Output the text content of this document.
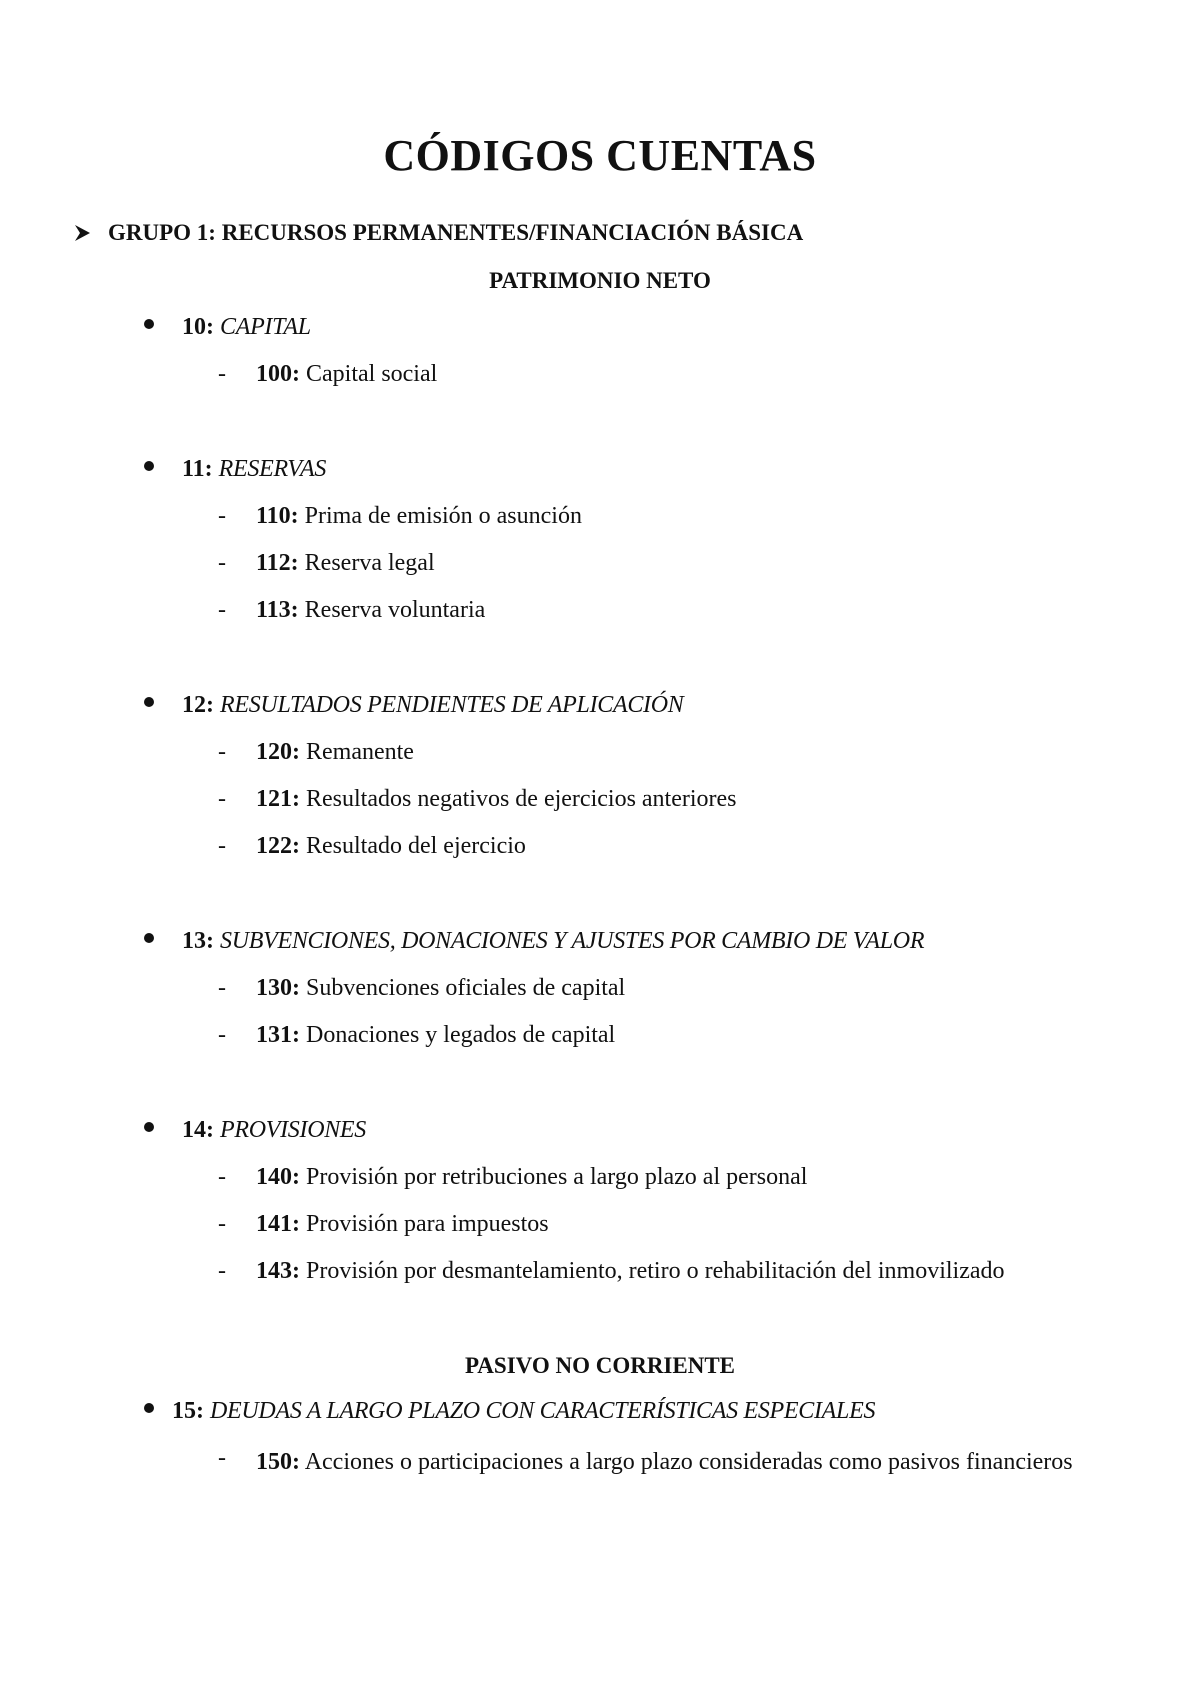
CÓDIGOS CUENTAS
GRUPO 1: RECURSOS PERMANENTES/FINANCIACIÓN BÁSICA
PATRIMONIO NETO
10: CAPITAL
-	100: Capital social
11: RESERVAS
-	110: Prima de emisión o asunción
-	112: Reserva legal
-	113: Reserva voluntaria
12: RESULTADOS PENDIENTES DE APLICACIÓN
-	120: Remanente
-	121: Resultados negativos de ejercicios anteriores
-	122: Resultado del ejercicio
13: SUBVENCIONES, DONACIONES Y AJUSTES POR CAMBIO DE VALOR
-	130: Subvenciones oficiales de capital
-	131: Donaciones y legados de capital
14: PROVISIONES
-	140: Provisión por retribuciones a largo plazo al personal
-	141: Provisión para impuestos
-	143: Provisión por desmantelamiento, retiro o rehabilitación del inmovilizado
PASIVO NO CORRIENTE
15: DEUDAS A LARGO PLAZO CON CARACTERÍSTICAS ESPECIALES
-	150: Acciones o participaciones a largo plazo consideradas como pasivos financieros
